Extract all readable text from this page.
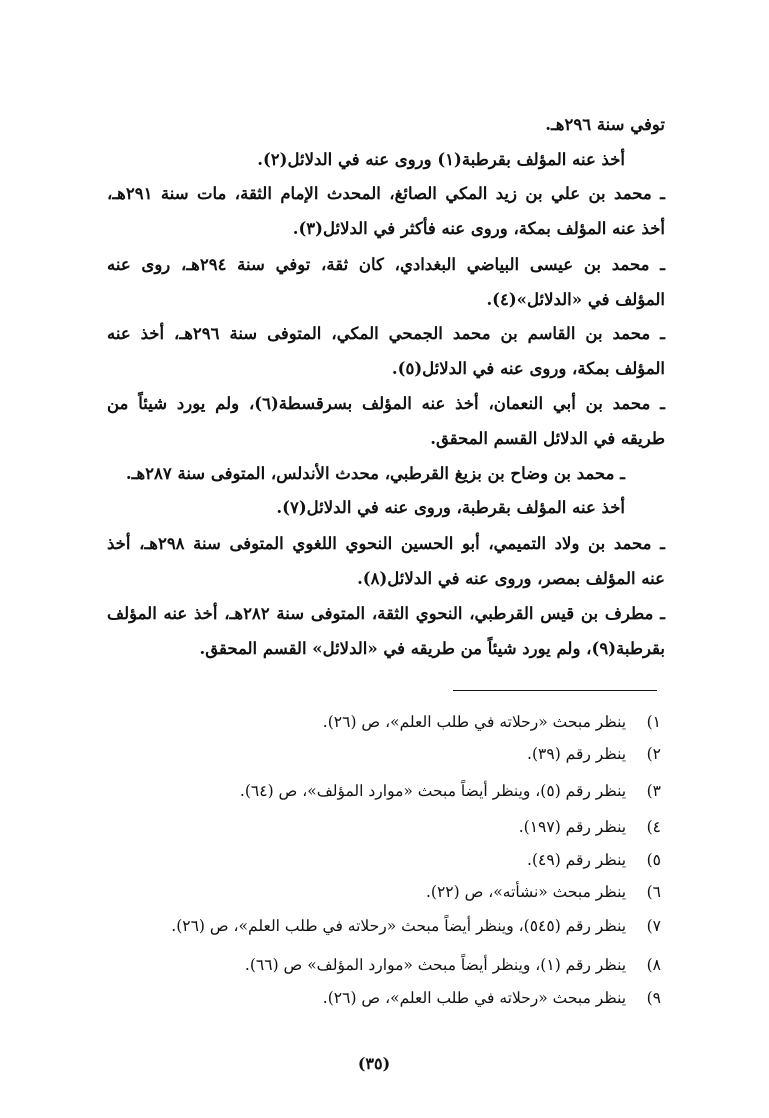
توفي سنة ٢٩٦هـ.
أخذ عنه المؤلف بقرطبة(١) وروى عنه في الدلائل(٢).
ـ محمد بن علي بن زيد المكي الصائغ، المحدث الإمام الثقة، مات سنة ٢٩١هـ،
أخذ عنه المؤلف بمكة، وروى عنه فأكثر في الدلائل(٣).
ـ محمد بن عيسى البياضي البغدادي، كان ثقة، توفي سنة ٢٩٤هـ، روى عنه
المؤلف في «الدلائل»(٤).
ـ محمد بن القاسم بن محمد الجمحي المكي، المتوفى سنة ٢٩٦هـ، أخذ عنه
المؤلف بمكة، وروى عنه في الدلائل(٥).
ـ محمد بن أبي النعمان، أخذ عنه المؤلف بسرقسطة(٦)، ولم يورد شيئاً من
طريقه في الدلائل القسم المحقق.
ـ محمد بن وضاح بن بزيغ القرطبي، محدث الأندلس، المتوفى سنة ٢٨٧هـ.
أخذ عنه المؤلف بقرطبة، وروى عنه في الدلائل(٧).
ـ محمد بن ولاد التميمي، أبو الحسين النحوي اللغوي المتوفى سنة ٢٩٨هـ، أخذ
عنه المؤلف بمصر، وروى عنه في الدلائل(٨).
ـ مطرف بن قيس القرطبي، النحوي الثقة، المتوفى سنة ٢٨٢هـ، أخذ عنه المؤلف
بقرطبة(٩)، ولم يورد شيئاً من طريقه في «الدلائل» القسم المحقق.
١) ينظر مبحث «رحلاته في طلب العلم»، ص (٢٦).
٢) ينظر رقم (٣٩).
٣) ينظر رقم (٥)، وينظر أيضاً مبحث «موارد المؤلف»، ص (٦٤).
٤) ينظر رقم (١٩٧).
٥) ينظر رقم (٤٩).
٦) ينظر مبحث «نشأته»، ص (٢٢).
٧) ينظر رقم (٥٤٥)، وينظر أيضاً مبحث «رحلاته في طلب العلم»، ص (٢٦).
٨) ينظر رقم (١)، وينظر أيضاً مبحث «موارد المؤلف» ص (٦٦).
٩) ينظر مبحث «رحلاته في طلب العلم»، ص (٢٦).
(٣٥)
